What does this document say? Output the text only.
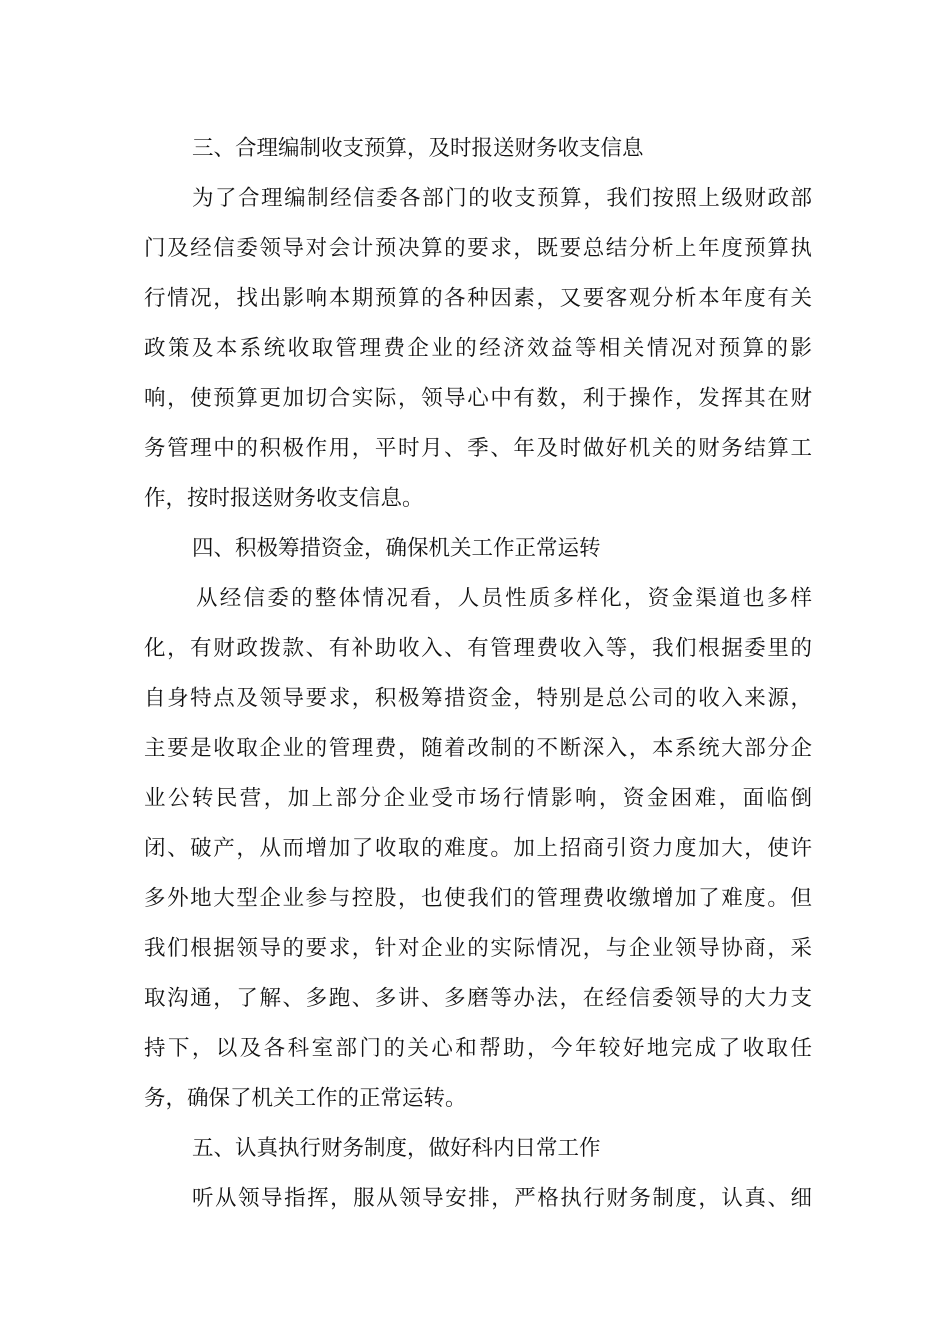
三、合理编制收支预算，及时报送财务收支信息
为了合理编制经信委各部门的收支预算，我们按照上级财政部
门及经信委领导对会计预决算的要求，既要总结分析上年度预算执
行情况，找出影响本期预算的各种因素，又要客观分析本年度有关
政策及本系统收取管理费企业的经济效益等相关情况对预算的影
响，使预算更加切合实际，领导心中有数，利于操作，发挥其在财
务管理中的积极作用，平时月、季、年及时做好机关的财务结算工
作，按时报送财务收支信息。
四、积极筹措资金，确保机关工作正常运转
从经信委的整体情况看，人员性质多样化，资金渠道也多样
化，有财政拨款、有补助收入、有管理费收入等，我们根据委里的
自身特点及领导要求，积极筹措资金，特别是总公司的收入来源，
主要是收取企业的管理费，随着改制的不断深入，本系统大部分企
业公转民营，加上部分企业受市场行情影响，资金困难，面临倒
闭、破产，从而增加了收取的难度。加上招商引资力度加大，使许
多外地大型企业参与控股，也使我们的管理费收缴增加了难度。但
我们根据领导的要求，针对企业的实际情况，与企业领导协商，采
取沟通，了解、多跑、多讲、多磨等办法，在经信委领导的大力支
持下，以及各科室部门的关心和帮助，今年较好地完成了收取任
务，确保了机关工作的正常运转。
五、认真执行财务制度，做好科内日常工作
听从领导指挥，服从领导安排，严格执行财务制度，认真、细
